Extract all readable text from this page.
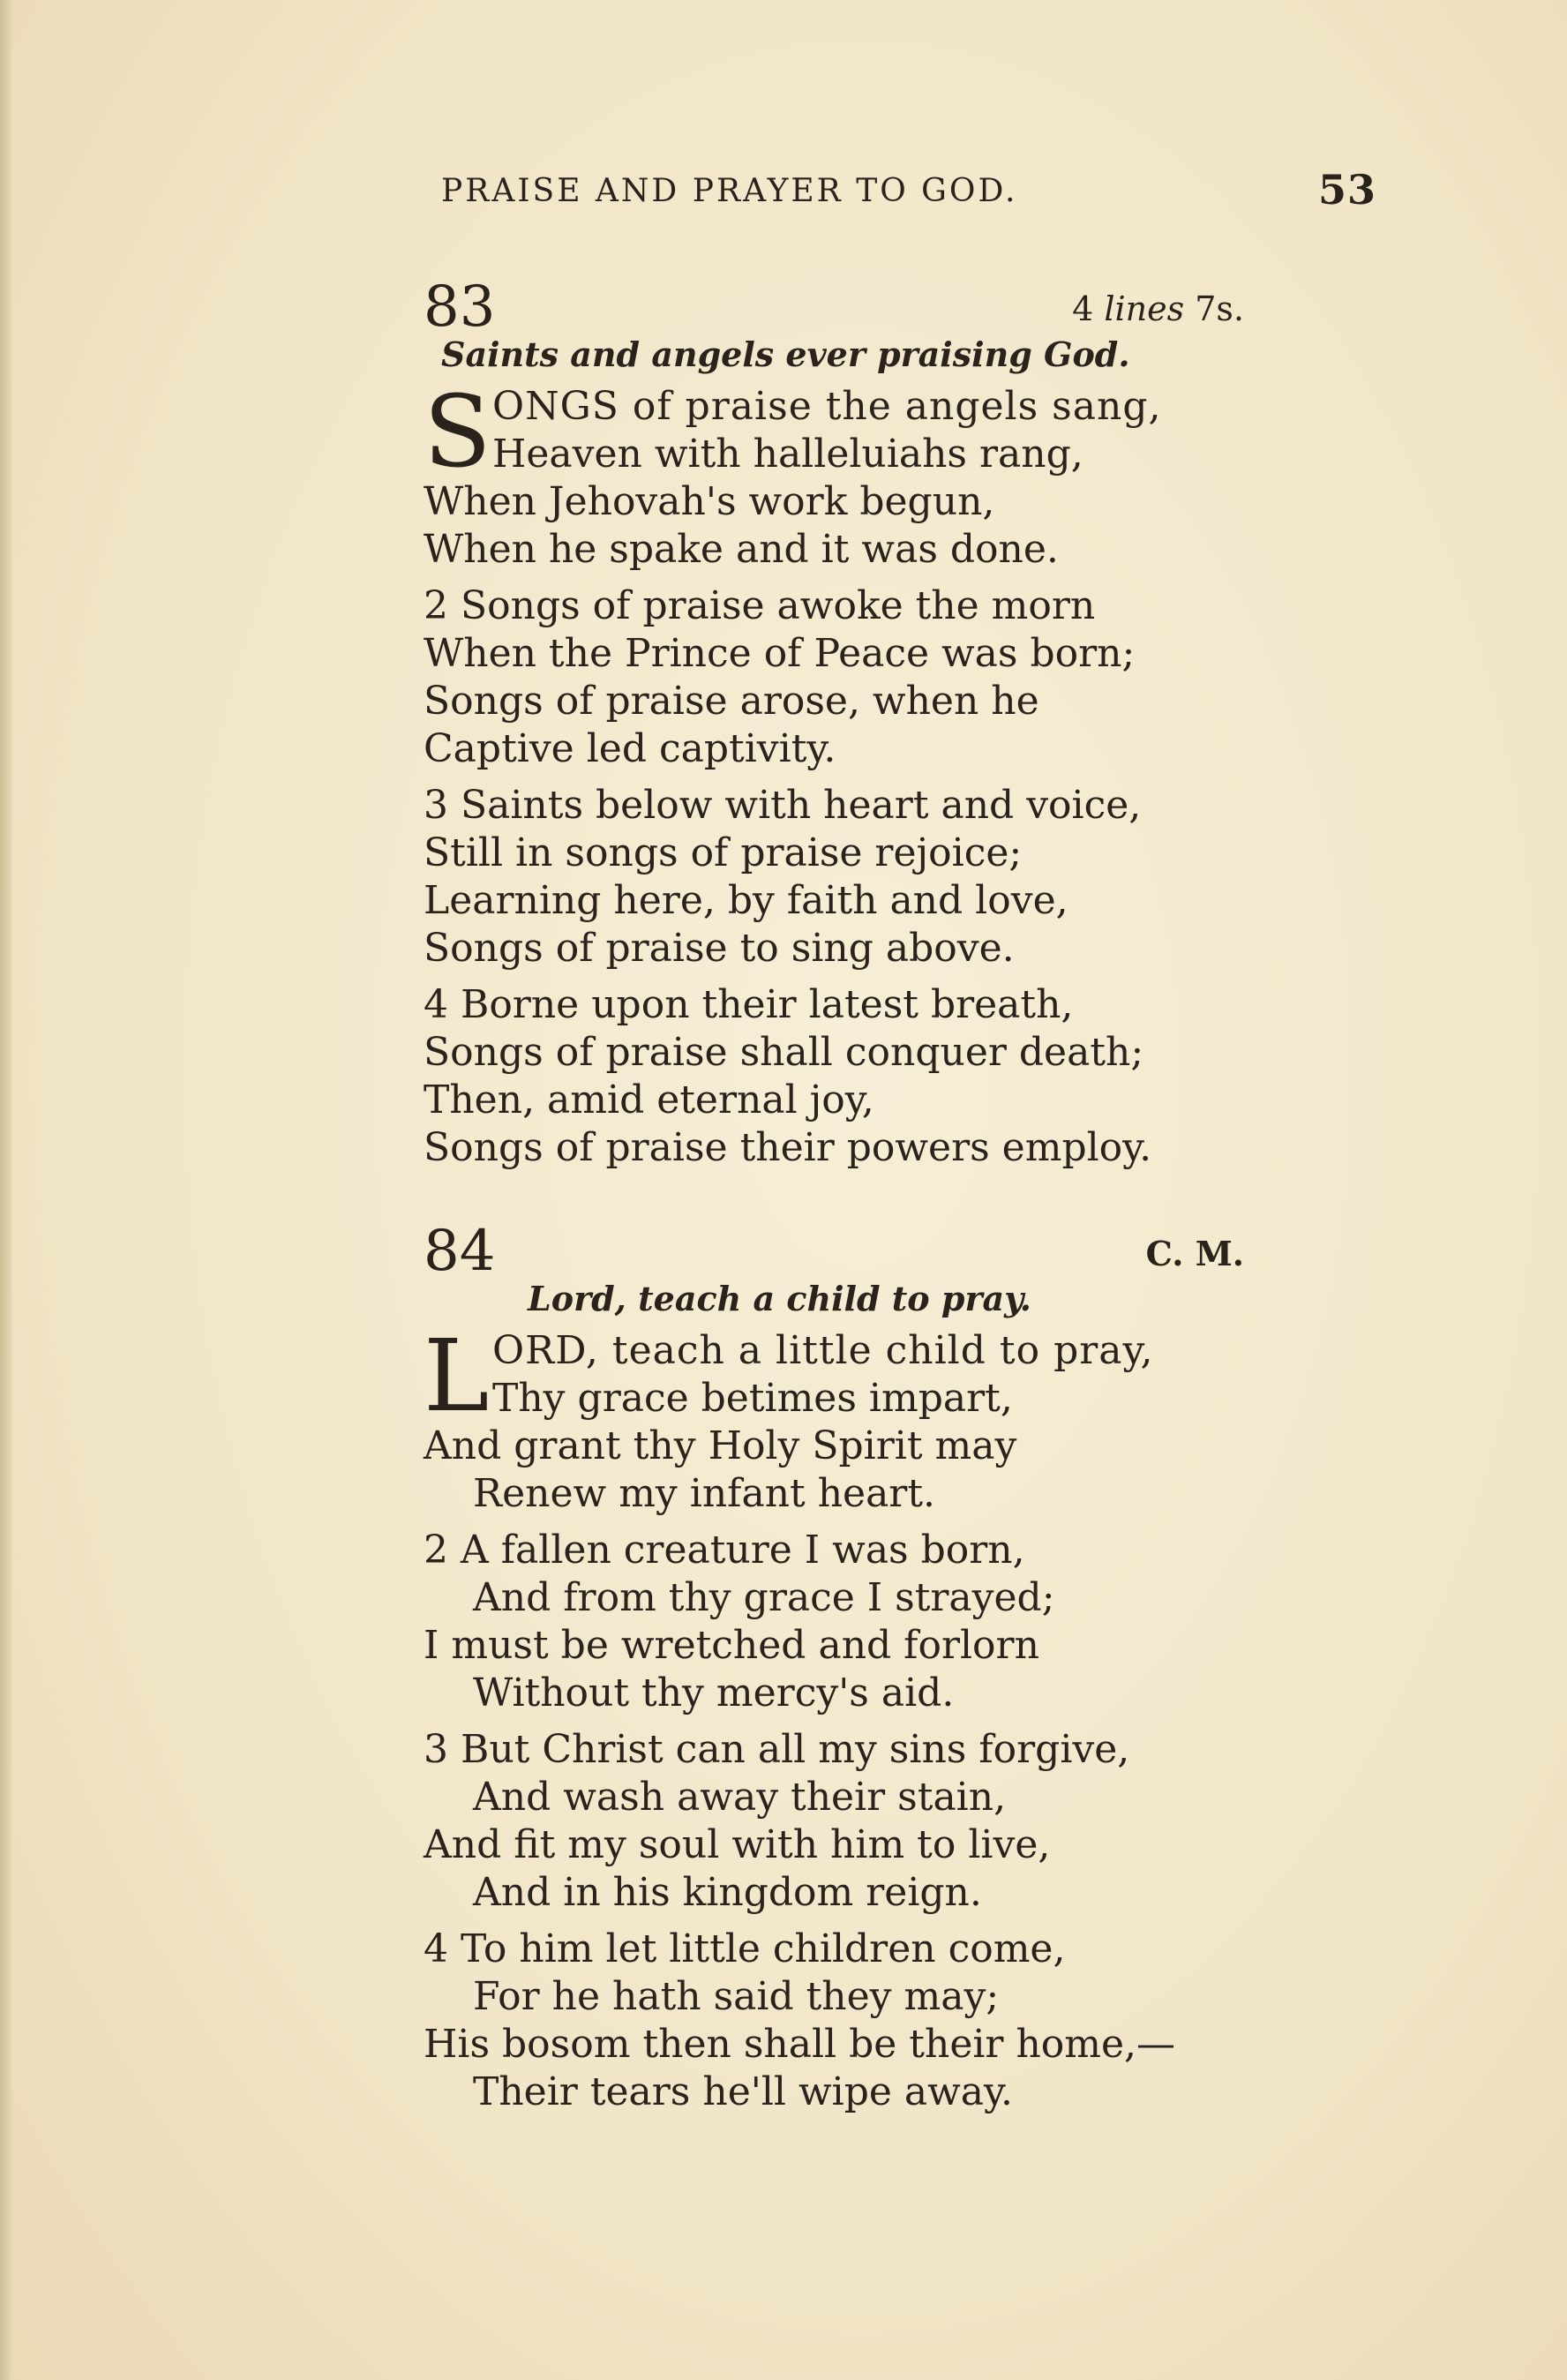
PRAISE AND PRAYER TO GOD.	53
83	4 lines 7s.
Saints and angels ever praising God.
S ONGS of praise the angels sang,
Heaven with halleluiahs rang,
When Jehovah's work begun,
When he spake and it was done.
2 Songs of praise awoke the morn
When the Prince of Peace was born;
Songs of praise arose, when he
Captive led captivity.
3 Saints below with heart and voice,
Still in songs of praise rejoice;
Learning here, by faith and love,
Songs of praise to sing above.
4 Borne upon their latest breath,
Songs of praise shall conquer death;
Then, amid eternal joy,
Songs of praise their powers employ.
84	C. M.
Lord, teach a child to pray.
L ORD, teach a little child to pray,
Thy grace betimes impart,
And grant thy Holy Spirit may
Renew my infant heart.
2 A fallen creature I was born,
And from thy grace I strayed;
I must be wretched and forlorn
Without thy mercy's aid.
3 But Christ can all my sins forgive,
And wash away their stain,
And fit my soul with him to live,
And in his kingdom reign.
4 To him let little children come,
For he hath said they may;
His bosom then shall be their home,—
Their tears he'll wipe away.
